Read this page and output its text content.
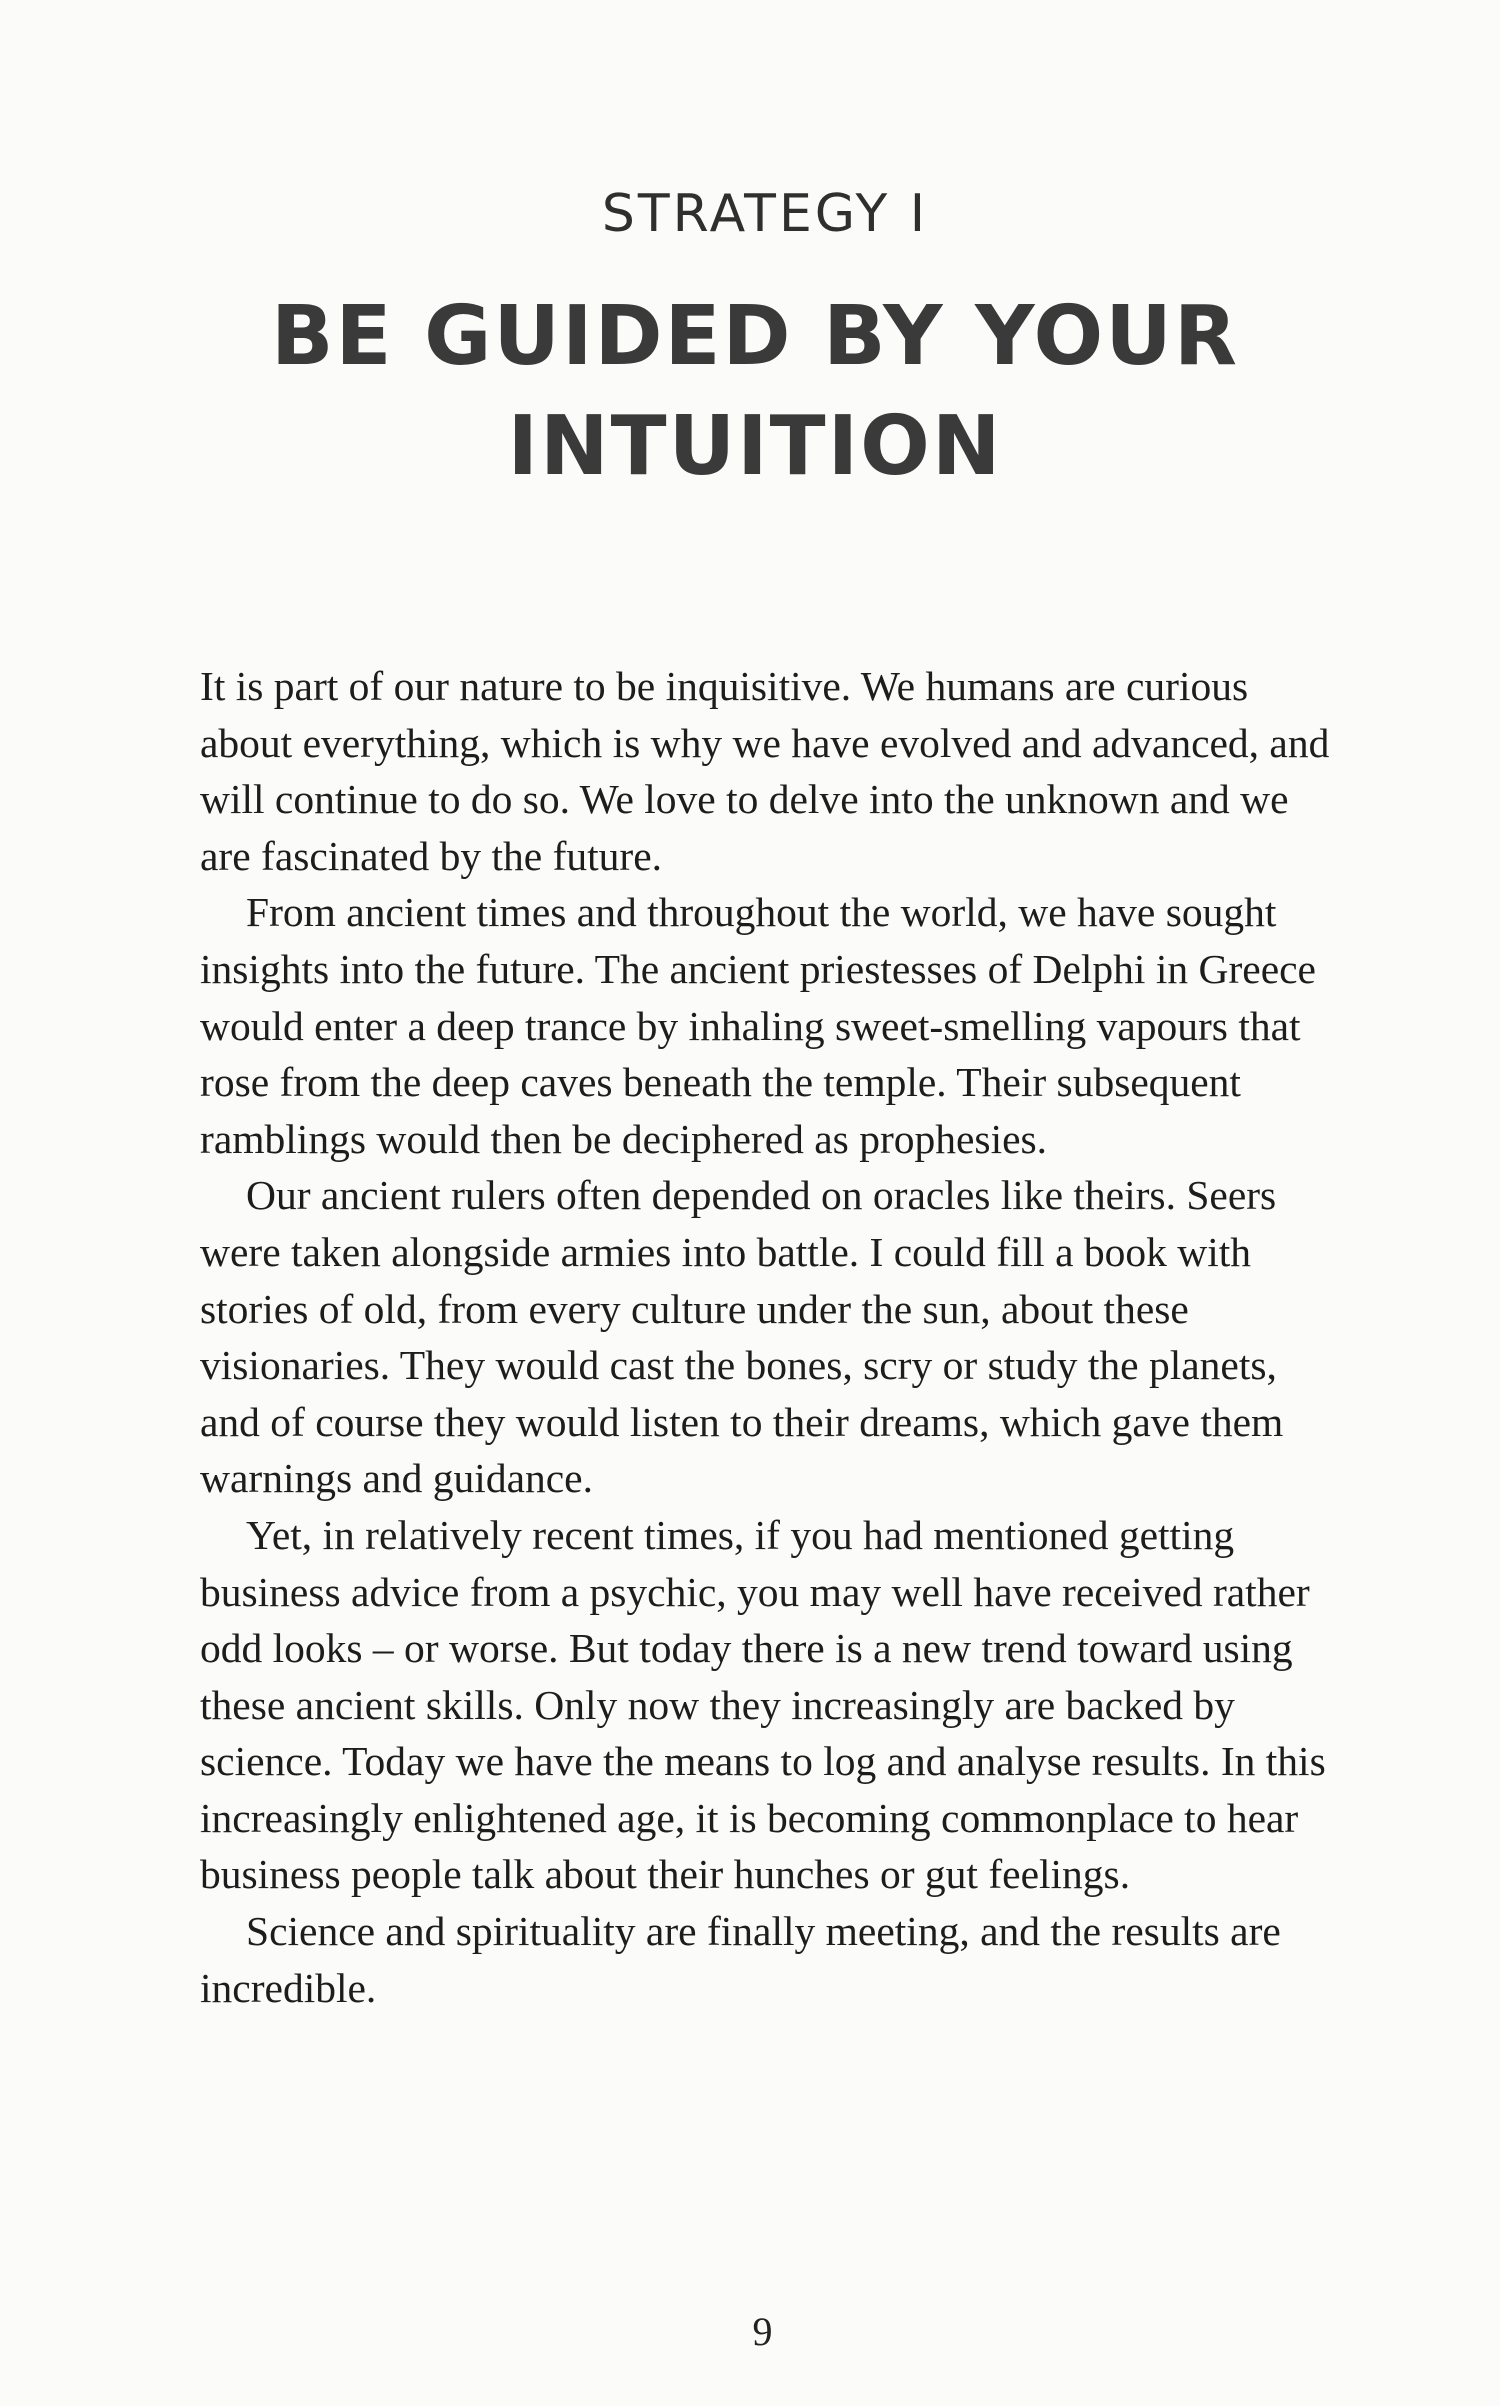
STRATEGY I
BE GUIDED BY YOUR
INTUITION

It is part of our nature to be inquisitive. We humans are curious about everything, which is why we have evolved and advanced, and will continue to do so. We love to delve into the unknown and we are fascinated by the future.

From ancient times and throughout the world, we have sought insights into the future. The ancient priestesses of Delphi in Greece would enter a deep trance by inhaling sweet-smelling vapours that rose from the deep caves beneath the temple. Their subsequent ramblings would then be deciphered as prophesies.

Our ancient rulers often depended on oracles like theirs. Seers were taken alongside armies into battle. I could fill a book with stories of old, from every culture under the sun, about these visionaries. They would cast the bones, scry or study the planets, and of course they would listen to their dreams, which gave them warnings and guidance.

Yet, in relatively recent times, if you had mentioned getting business advice from a psychic, you may well have received rather odd looks – or worse. But today there is a new trend toward using these ancient skills. Only now they increasingly are backed by science. Today we have the means to log and analyse results. In this increasingly enlightened age, it is becoming commonplace to hear business people talk about their hunches or gut feelings.

Science and spirituality are finally meeting, and the results are incredible.

9
